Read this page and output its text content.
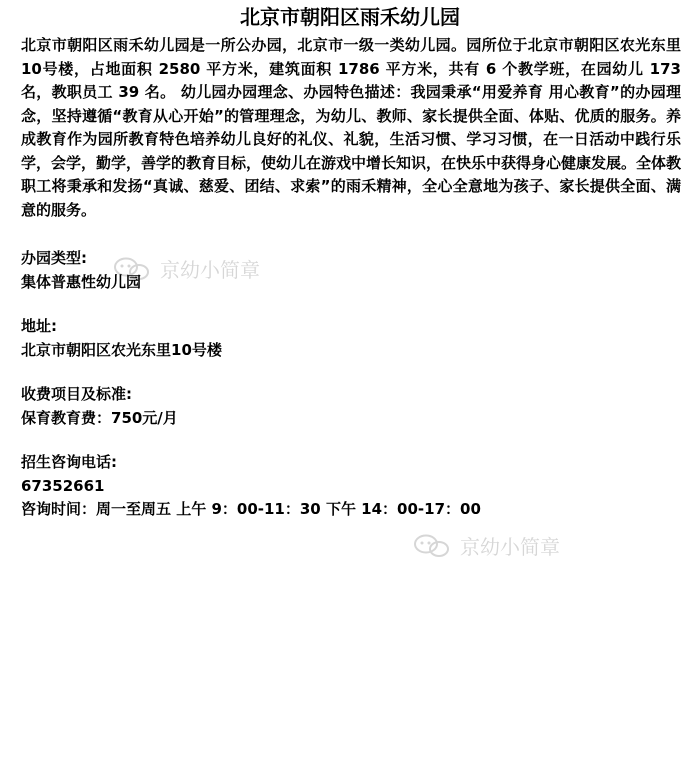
北京市朝阳区雨禾幼儿园

北京市朝阳区雨禾幼儿园是一所公办园，北京市一级一类幼儿园。园所位于北京市朝阳区农光东里10号楼，占地面积 2580 平方米，建筑面积 1786 平方米，共有 6 个教学班，在园幼儿 173 名，教职员工 39 名。 幼儿园办园理念、办园特色描述：我园秉承“用爱养育 用心教育”的办园理念，坚持遵循“教育从心开始”的管理理念，为幼儿、教师、家长提供全面、体贴、优质的服务。养成教育作为园所教育特色培养幼儿良好的礼仪、礼貌，生活习惯、学习习惯，在一日活动中践行乐学，会学，勤学，善学的教育目标，使幼儿在游戏中增长知识，在快乐中获得身心健康发展。全体教职工将秉承和发扬“真诚、慈爱、团结、求索”的雨禾精神，全心全意地为孩子、家长提供全面、满意的服务。

京幼小简章
办园类型:
集体普惠性幼儿园
地址:
北京市朝阳区农光东里10号楼
收费项目及标准:
保育教育费：750元/月
招生咨询电话:
67352661
咨询时间：周一至周五 上午 9：00-11：30 下午 14：00-17：00
京幼小简章
